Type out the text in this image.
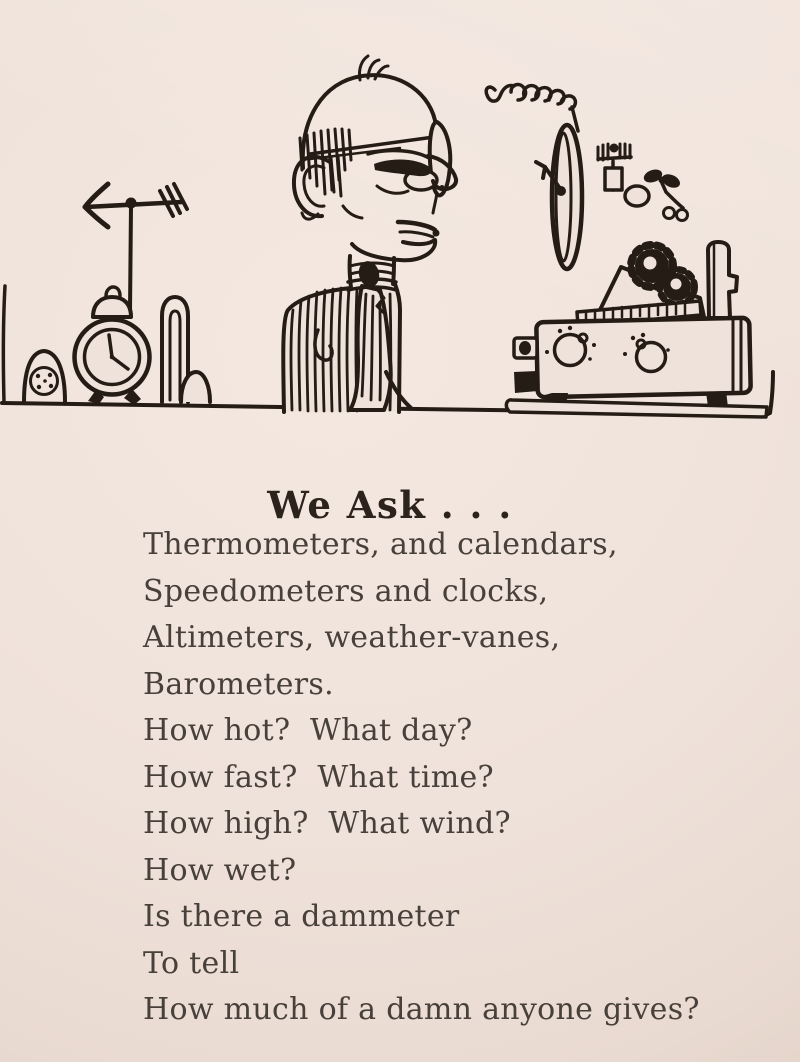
We Ask . . .
Thermometers, and calendars,
Speedometers and clocks,
Altimeters, weather-vanes,
Barometers.
How hot?  What day?
How fast?  What time?
How high?  What wind?
How wet?
Is there a dammeter
To tell
How much of a damn anyone gives?
